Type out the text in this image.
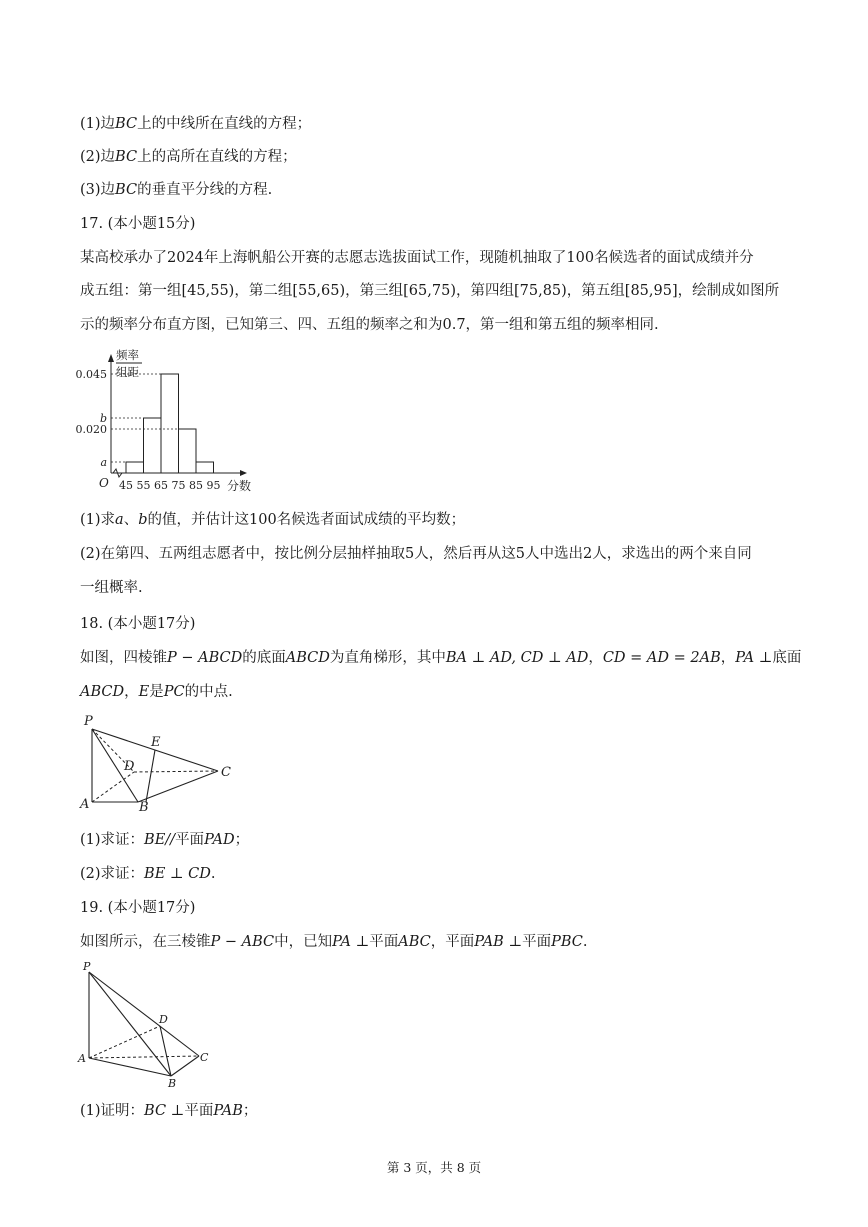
(1)边BC上的中线所在直线的方程；
(2)边BC上的高所在直线的方程；
(3)边BC的垂直平分线的方程.
17. (本小题15分)
某高校承办了2024年上海帆船公开赛的志愿志选拔面试工作，现随机抽取了100名候选者的面试成绩并分
成五组：第一组[45,55)，第二组[55,65)，第三组[65,75)，第四组[75,85)，第五组[85,95]，绘制成如图所
示的频率分布直方图，已知第三、四、五组的频率之和为0.7，第一组和第五组的频率相同.
0.045
b
0.020
a
45 55 65 75 85 95 分数
O
频率
组距
(1)求a、b的值，并估计这100名候选者面试成绩的平均数；
(2)在第四、五两组志愿者中，按比例分层抽样抽取5人，然后再从这5人中选出2人，求选出的两个来自同
一组概率.
18. (本小题17分)
如图，四棱锥P − ABCD的底面ABCD为直角梯形，其中BA ⊥ AD, CD ⊥ AD，CD = AD = 2AB，PA ⊥底面
ABCD，E是PC的中点.
P
E
D	C
A	B
(1)求证：BE//平面PAD；
(2)求证：BE ⊥ CD.
19. (本小题17分)
如图所示，在三棱锥P − ABC中，已知PA ⊥平面ABC，平面PAB ⊥平面PBC.
P
D
A	C
B
(1)证明：BC ⊥平面PAB；
第 3 页，共 8 页
